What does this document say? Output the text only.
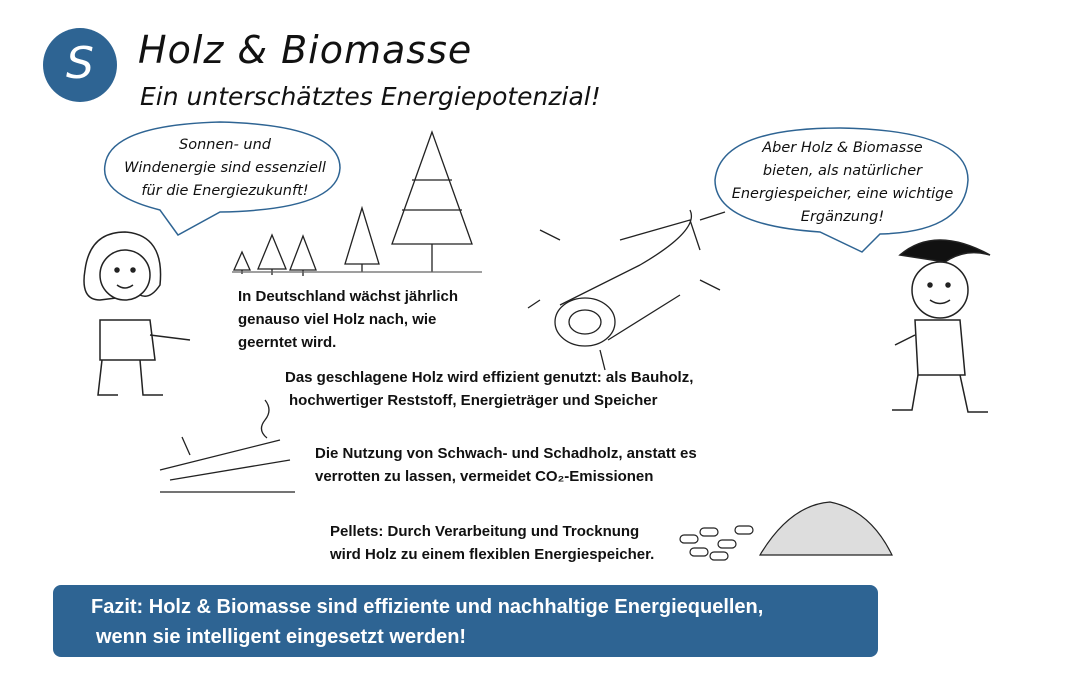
S	Holz & Biomasse
Ein unterschätztes Energiepotenzial!
Sonnen- und
Windenergie sind essenziell
für die Energiezukunft!
Aber Holz & Biomasse
bieten, als natürlicher
Energiespeicher, eine wichtige
Ergänzung!
In Deutschland wächst jährlich
genauso viel Holz nach, wie
geerntet wird.
Das geschlagene Holz wird effizient genutzt: als Bauholz,
hochwertiger Reststoff, Energieträger und Speicher
Die Nutzung von Schwach- und Schadholz, anstatt es
verrotten zu lassen, vermeidet CO₂-Emissionen
Pellets: Durch Verarbeitung und Trocknung
wird Holz zu einem flexiblen Energiespeicher.
Fazit: Holz & Biomasse sind effiziente und nachhaltige Energiequellen,
wenn sie intelligent eingesetzt werden!
